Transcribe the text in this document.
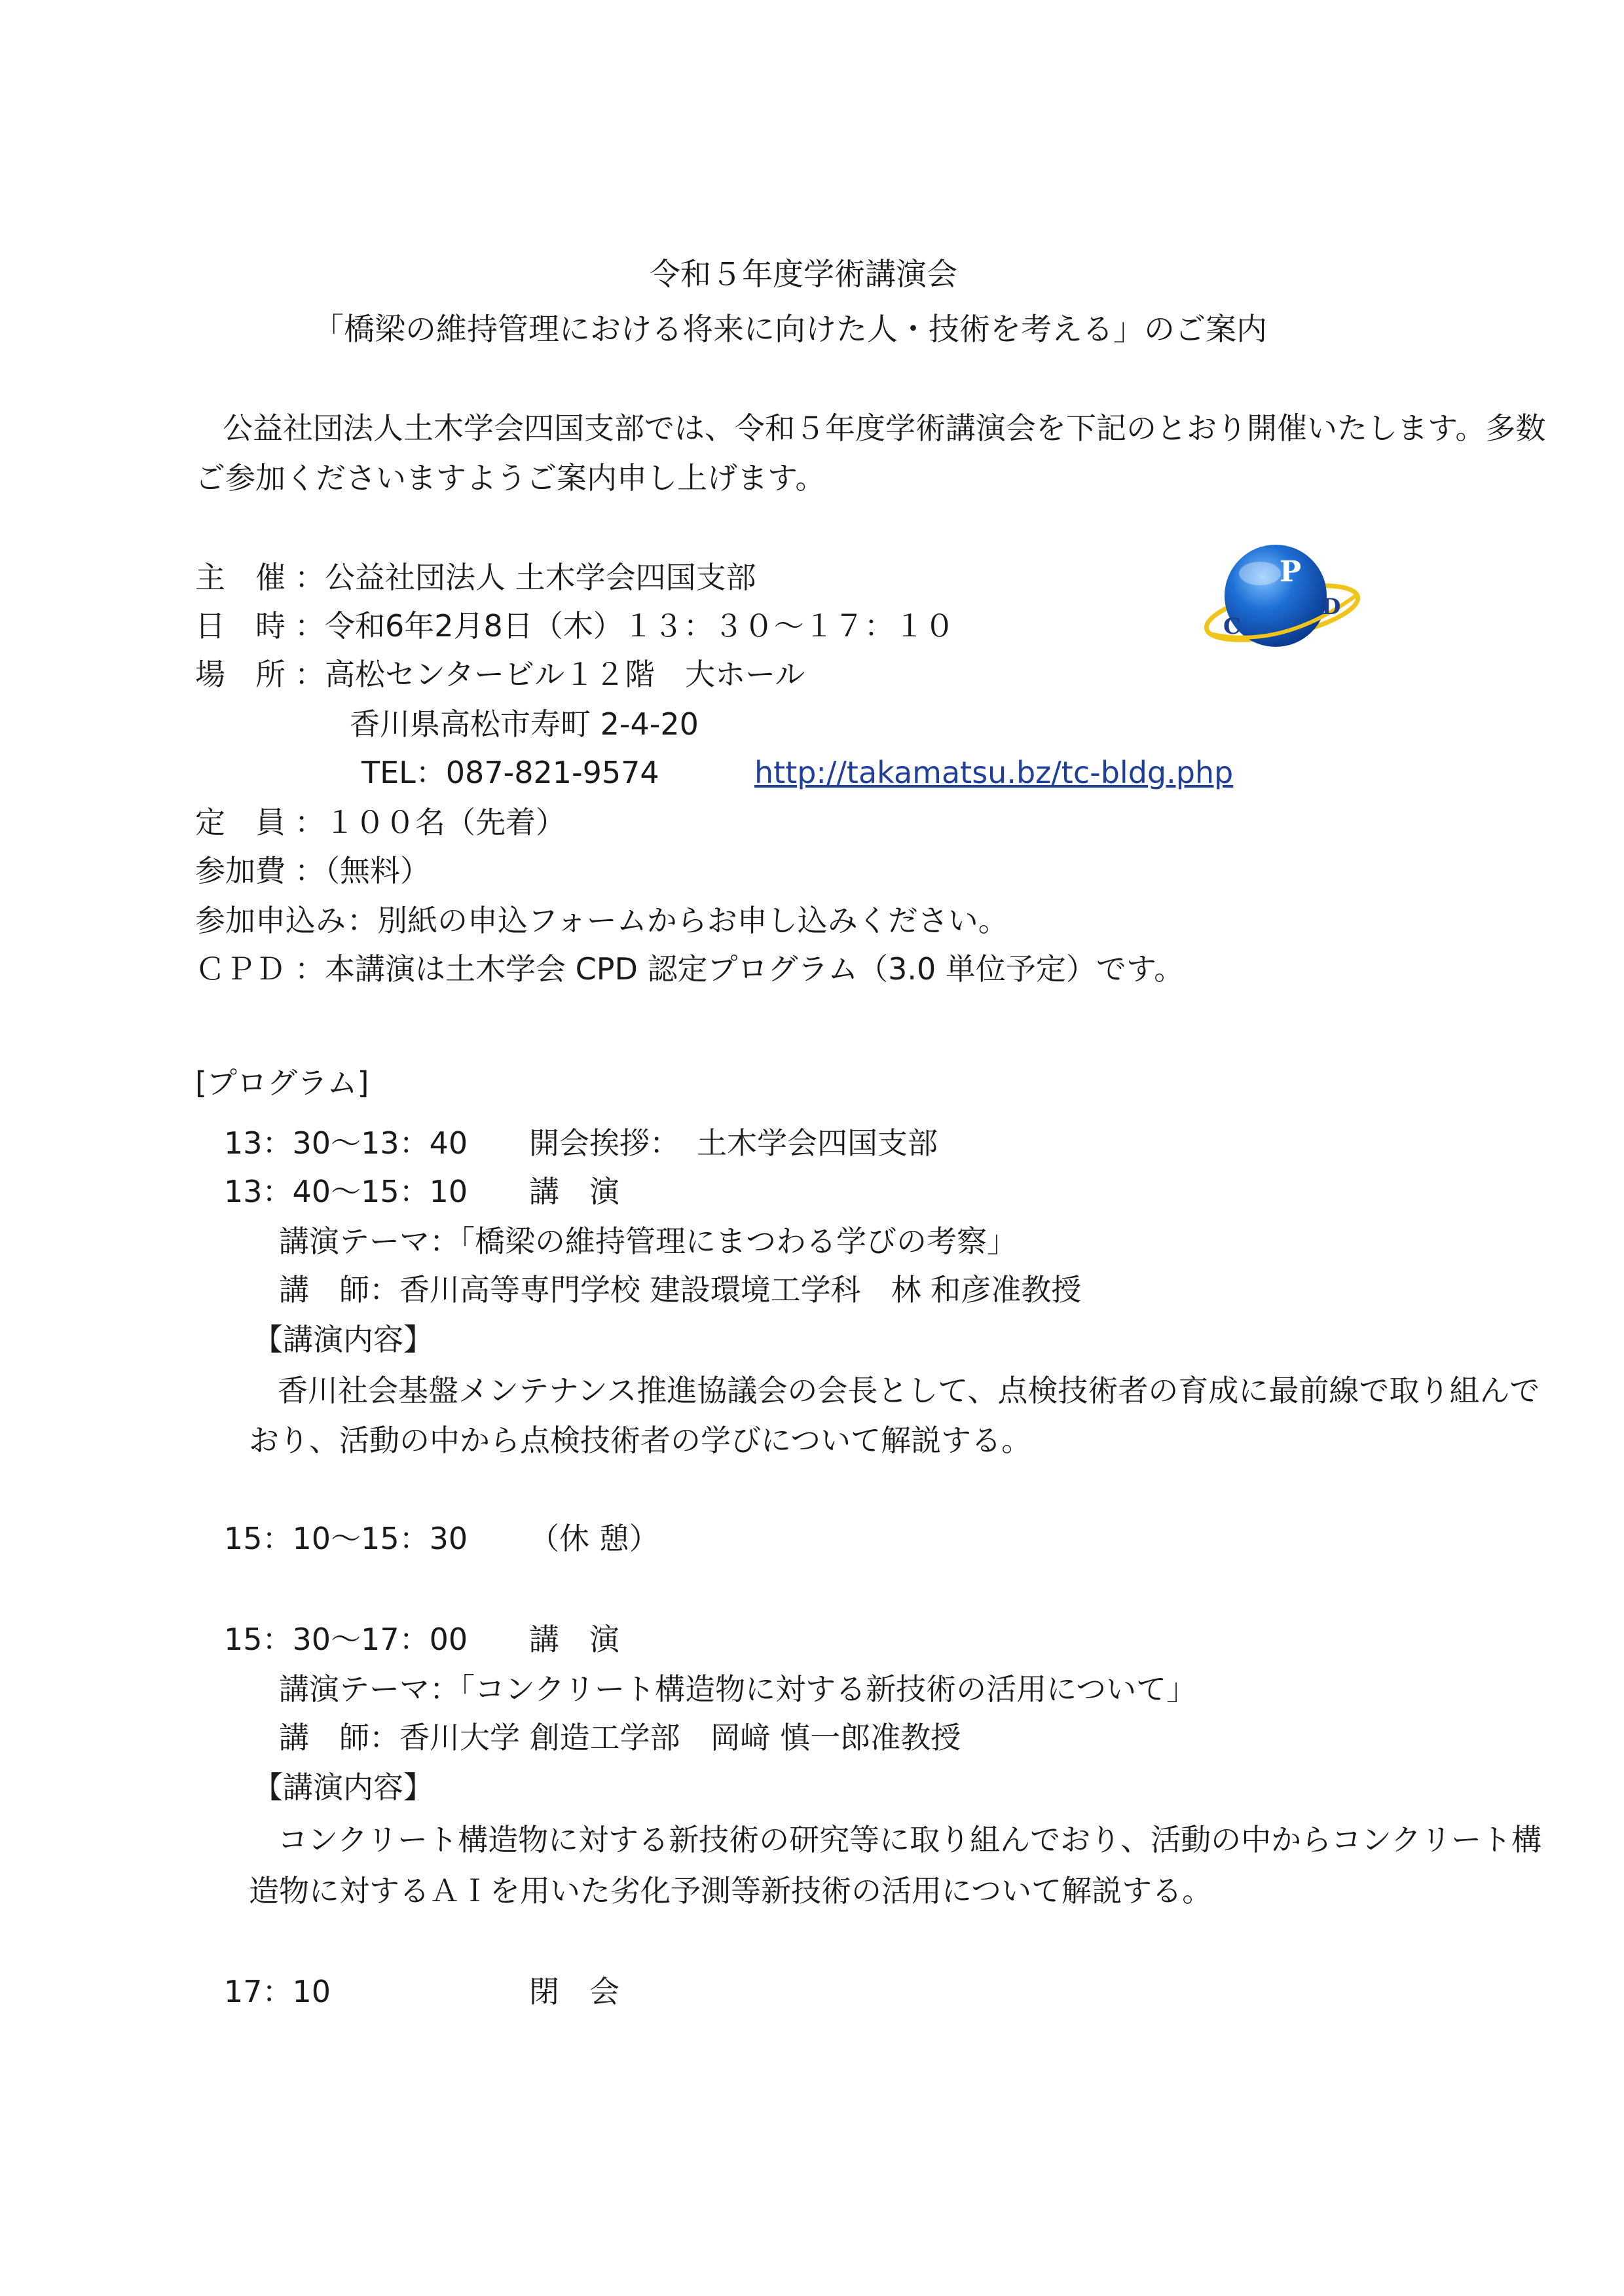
令和５年度学術講演会
「橋梁の維持管理における将来に向けた人・技術を考える」のご案内
公益社団法人土木学会四国支部では、令和５年度学術講演会を下記のとおり開催いたします。多数
ご参加くださいますようご案内申し上げます。
主　催 ：公益社団法人 土木学会四国支部
日　時 ：令和6年2月8日（木）１３：３０～１７：１０
場　所 ：高松センタービル１２階　大ホール
香川県高松市寿町 2-4-20
TEL：087-821-9574	http://takamatsu.bz/tc-bldg.php
定　員 ：１００名（先着）
参加費 ：（無料）
参加申込み ：別紙の申込フォームからお申し込みください。
ＣＰＤ ：本講演は土木学会 CPD 認定プログラム（3.0 単位予定）です。
P
C
D
[プログラム]
13：30～13：40 開会挨拶： 土木学会四国支部
13：40～15：10 講　演
講演テーマ：「橋梁の維持管理にまつわる学びの考察」
講　師：香川高等専門学校 建設環境工学科　林 和彦准教授
【講演内容】
香川社会基盤メンテナンス推進協議会の会長として、点検技術者の育成に最前線で取り組んで
おり、活動の中から点検技術者の学びについて解説する。
15：10～15：30 （休 憩）
15：30～17：00 講　演
講演テーマ：「コンクリート構造物に対する新技術の活用について」
講　師：香川大学 創造工学部　岡﨑 慎一郎准教授
【講演内容】
コンクリート構造物に対する新技術の研究等に取り組んでおり、活動の中からコンクリート構
造物に対するＡＩを用いた劣化予測等新技術の活用について解説する。
17：10	閉　会
